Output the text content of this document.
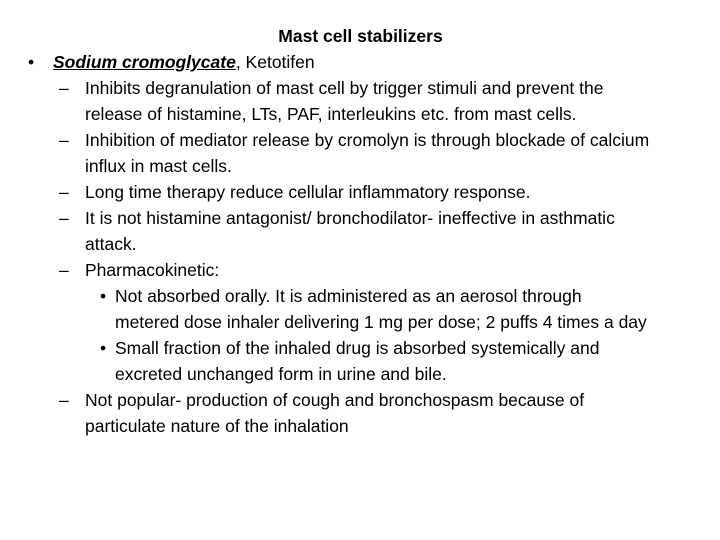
Mast cell stabilizers
• Sodium cromoglycate, Ketotifen
– Inhibits degranulation of mast cell by trigger stimuli and prevent the
release of histamine, LTs, PAF, interleukins etc. from mast cells.
– Inhibition of mediator release by cromolyn is through blockade of calcium
influx in mast cells.
– Long time therapy reduce cellular inflammatory response.
– It is not histamine antagonist/ bronchodilator- ineffective in asthmatic
attack.
– Pharmacokinetic:
• Not absorbed orally. It is administered as an aerosol through
metered dose inhaler delivering 1 mg per dose; 2 puffs 4 times a day
• Small fraction of the inhaled drug is absorbed systemically and
excreted unchanged form in urine and bile.
– Not popular- production of cough and bronchospasm because of
particulate nature of the inhalation
